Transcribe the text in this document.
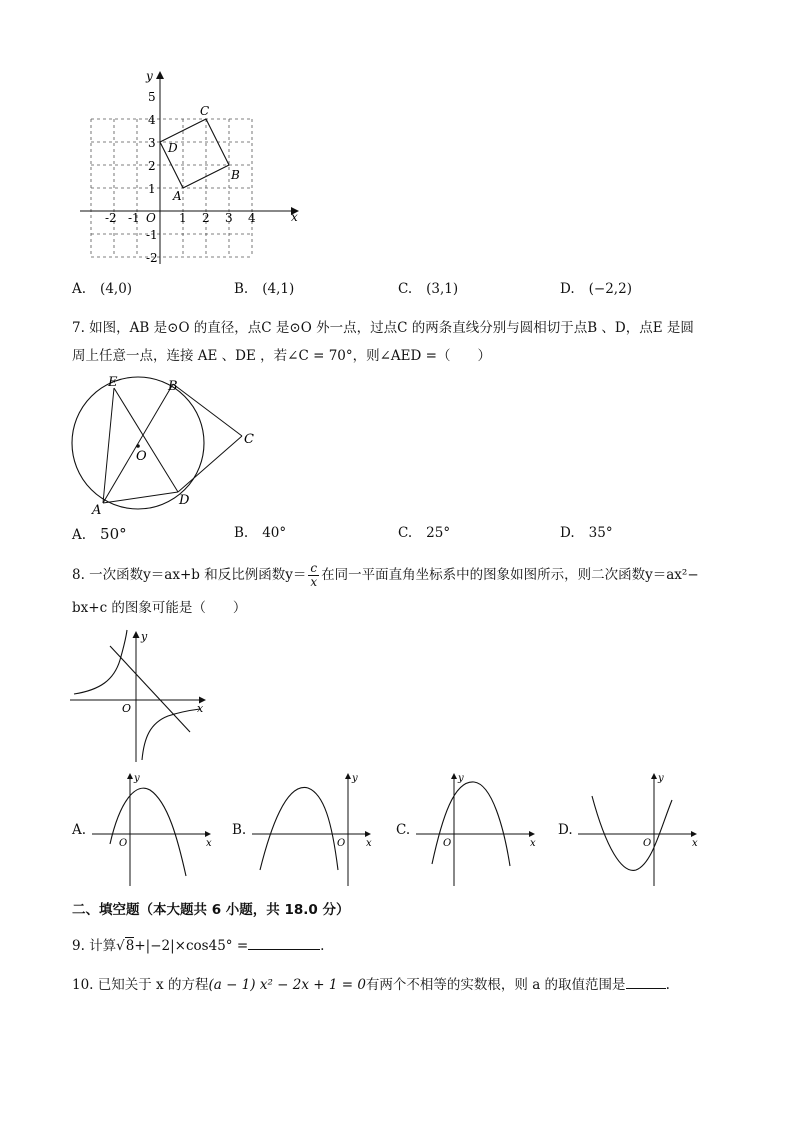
x
y
O
-2 -1	1 2 3 4
5
4
3
2
1
-1
-2
A
B
C
D
A. (4,0)	B. (4,1)	C. (3,1)	D. (−2,2)
7. 如图，AB 是⊙O 的直径，点C 是⊙O 外一点，过点C 的两条直线分别与圆相切于点B 、D，点E 是圆
周上任意一点，连接 AE 、DE ，若∠C = 70°，则∠AED =（　　）
E	B
C
O
A
D
A. 50°	B. 40°	C. 25°	D. 35°
8. 一次函数y＝ax+b 和反比例函数$y= \frac{c}{x}$ 在同一平面直角坐标系中的图象如图所示，则二次函数y＝ax²−
bx+c 的图象可能是（　　）
x
y
O
A.
x
y
O
B.
x
y
O
C.
x
y
O
D.
x
y
O
二、填空题（本大题共 6 小题，共 18.0 分）
9. 计算√8+|−2|×cos45° =	.
10. 已知关于 x 的方程(a − 1) x² − 2x + 1 = 0有两个不相等的实数根，则 a 的取值范围是	.
